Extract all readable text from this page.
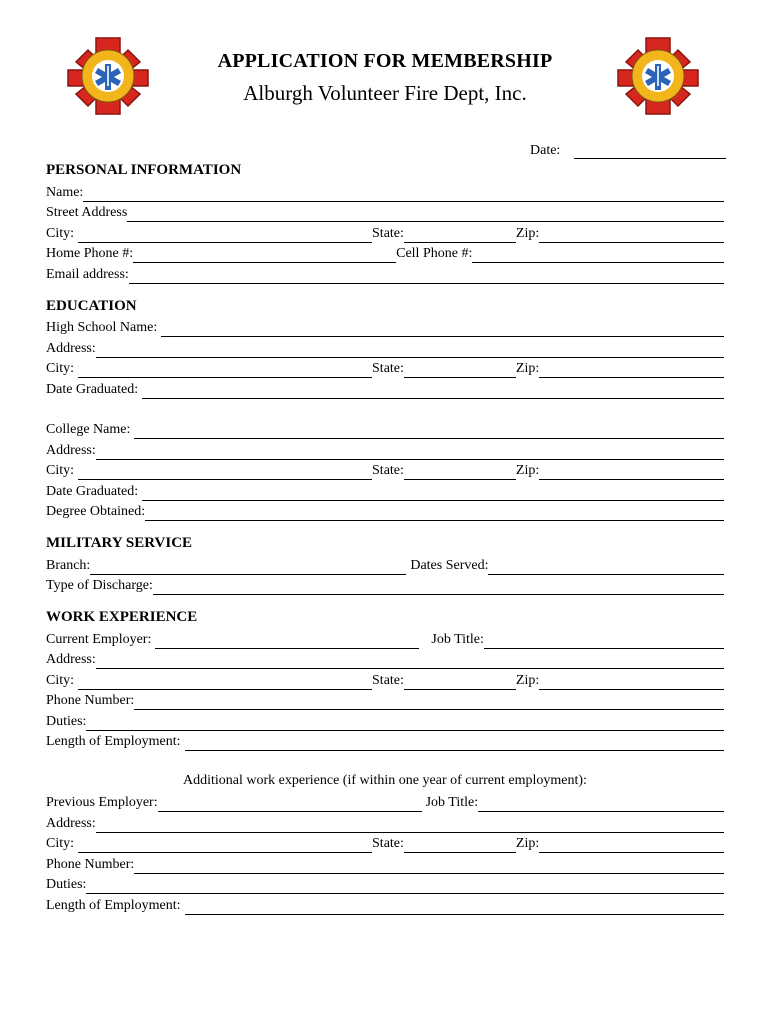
APPLICATION FOR MEMBERSHIP
Alburgh Volunteer Fire Dept, Inc.
Date:
PERSONAL INFORMATION
Name:
Street Address
City:	State:	Zip:
Home Phone #:	Cell Phone #:
Email address:
EDUCATION
High School Name:
Address:
City:	State:	Zip:
Date Graduated:
College Name:
Address:
City:	State:	Zip:
Date Graduated:
Degree Obtained:
MILITARY SERVICE
Branch:	Dates Served:
Type of Discharge:
WORK EXPERIENCE
Current Employer:	Job Title:
Address:
City:	State:	Zip:
Phone Number:
Duties:
Length of Employment:
Additional work experience (if within one year of current employment):
Previous Employer:	Job Title:
Address:
City:	State:	Zip:
Phone Number:
Duties:
Length of Employment:
